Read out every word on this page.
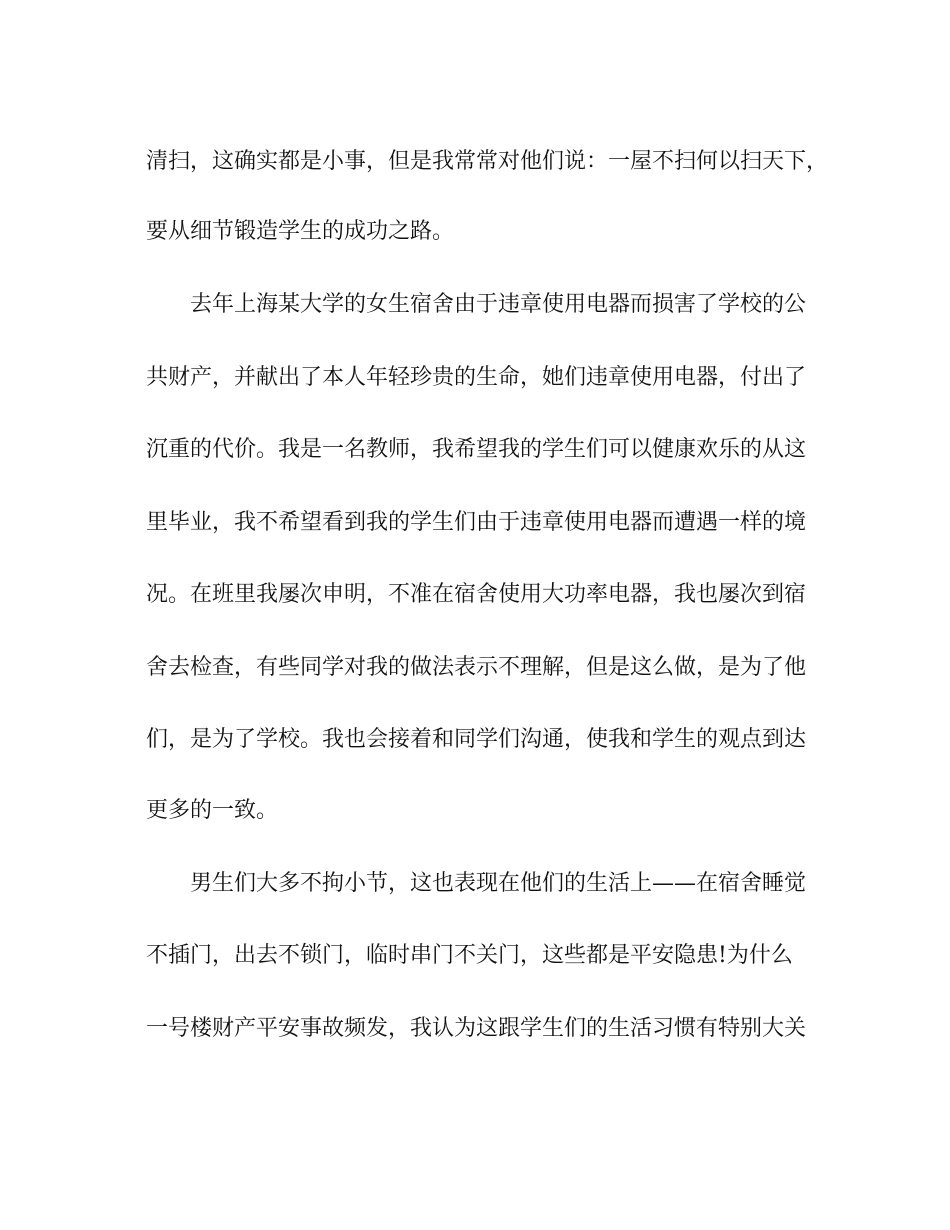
清扫，这确实都是小事，但是我常常对他们说：一屋不扫何以扫天下，
要从细节锻造学生的成功之路。
去年上海某大学的女生宿舍由于违章使用电器而损害了学校的公
共财产，并献出了本人年轻珍贵的生命，她们违章使用电器，付出了
沉重的代价。我是一名教师，我希望我的学生们可以健康欢乐的从这
里毕业，我不希望看到我的学生们由于违章使用电器而遭遇一样的境
况。在班里我屡次申明，不准在宿舍使用大功率电器，我也屡次到宿
舍去检查，有些同学对我的做法表示不理解，但是这么做，是为了他
们，是为了学校。我也会接着和同学们沟通，使我和学生的观点到达
更多的一致。
男生们大多不拘小节，这也表现在他们的生活上——在宿舍睡觉
不插门，出去不锁门，临时串门不关门，这些都是平安隐患!为什么
一号楼财产平安事故频发，我认为这跟学生们的生活习惯有特别大关
